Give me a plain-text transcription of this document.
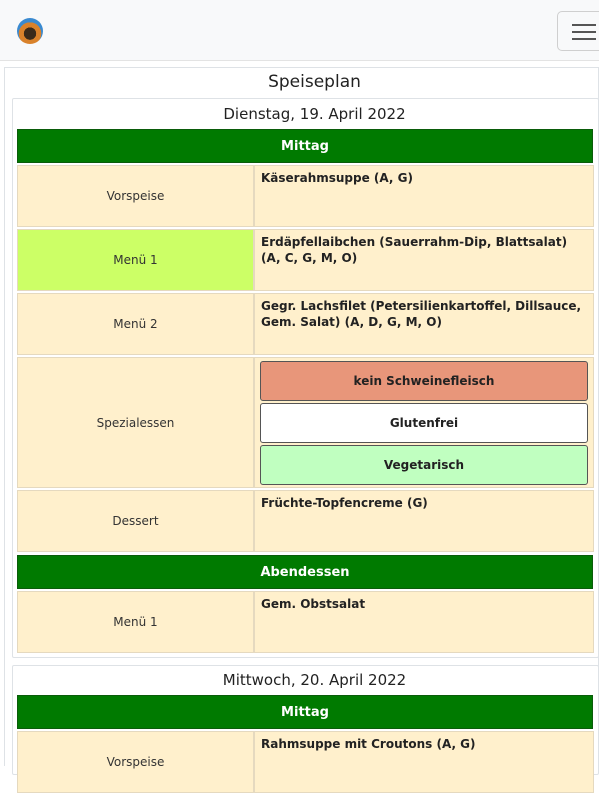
Speiseplan
Dienstag, 19. April 2022
Mittag
Vorspeise
Käserahmsuppe (A, G)
Menü 1
Erdäpfellaibchen (Sauerrahm-Dip, Blattsalat) (A, C, G, M, O)
Menü 2
Gegr. Lachsfilet (Petersilienkartoffel, Dillsauce, Gem. Salat) (A, D, G, M, O)
Spezialessen
kein Schweinefleisch
Glutenfrei
Vegetarisch
Dessert
Früchte-Topfencreme (G)
Abendessen
Menü 1
Gem. Obstsalat
Mittwoch, 20. April 2022
Mittag
Vorspeise
Rahmsuppe mit Croutons (A, G)
